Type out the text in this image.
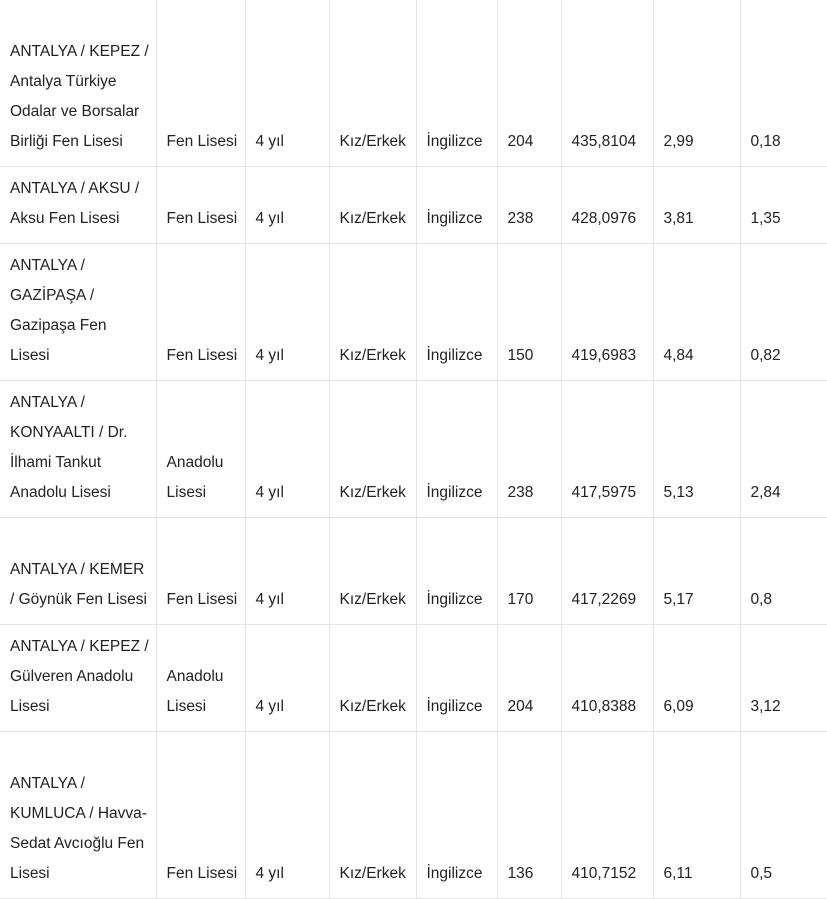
ANTALYA / KEPEZ / Antalya Türkiye Odalar ve Borsalar Birliği Fen Lisesi	Fen Lisesi	4 yıl	Kız/Erkek	İngilizce	204	435,8104	2,99	0,18
ANTALYA / AKSU / Aksu Fen Lisesi	Fen Lisesi	4 yıl	Kız/Erkek	İngilizce	238	428,0976	3,81	1,35
ANTALYA / GAZİPAŞA / Gazipaşa Fen Lisesi	Fen Lisesi	4 yıl	Kız/Erkek	İngilizce	150	419,6983	4,84	0,82
ANTALYA / KONYAALTI / Dr. İlhami Tankut Anadolu Lisesi	Anadolu Lisesi	4 yıl	Kız/Erkek	İngilizce	238	417,5975	5,13	2,84
ANTALYA / KEMER / Göynük Fen Lisesi	Fen Lisesi	4 yıl	Kız/Erkek	İngilizce	170	417,2269	5,17	0,8
ANTALYA / KEPEZ / Gülveren Anadolu Lisesi	Anadolu Lisesi	4 yıl	Kız/Erkek	İngilizce	204	410,8388	6,09	3,12
ANTALYA / KUMLUCA / Havva-Sedat Avcıoğlu Fen Lisesi	Fen Lisesi	4 yıl	Kız/Erkek	İngilizce	136	410,7152	6,11	0,5
